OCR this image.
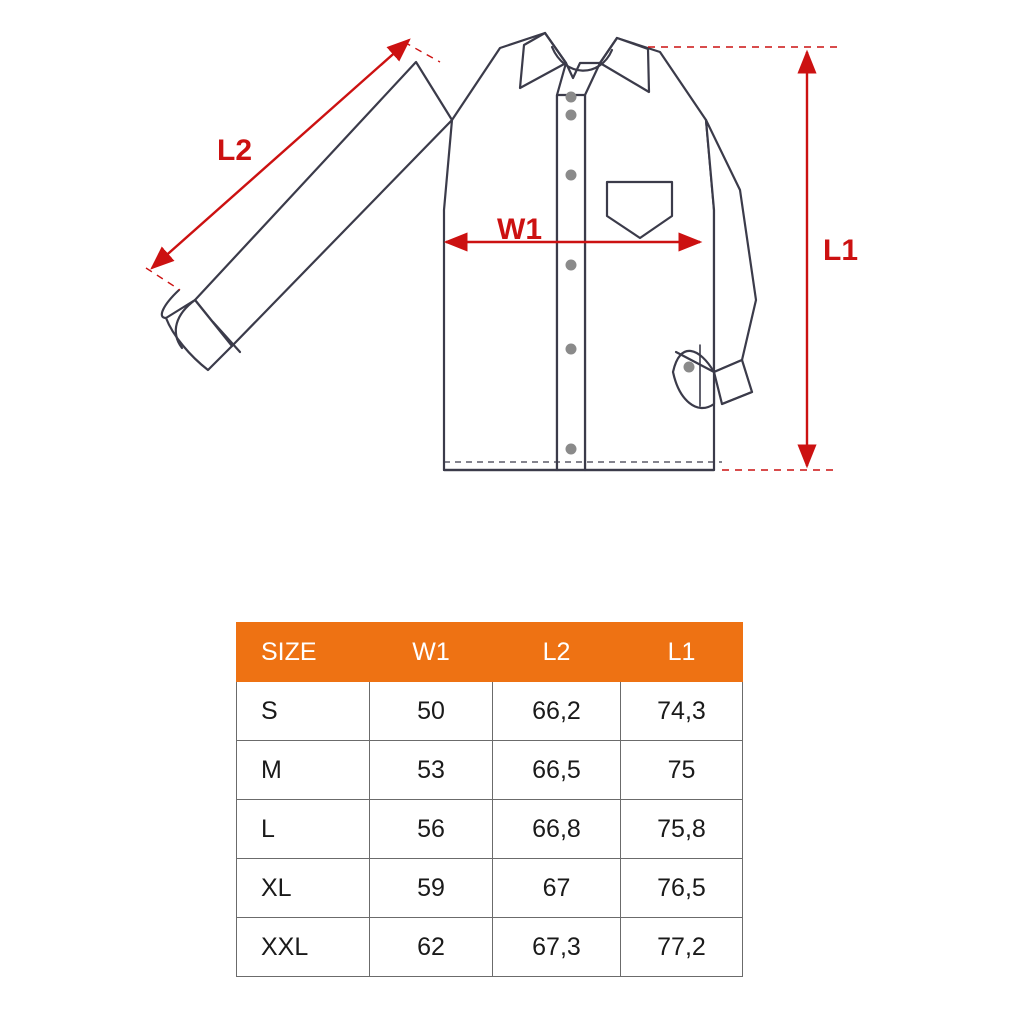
W1
L2
L1
SIZE	W1	L2	L1
S	50	66,2	74,3
M	53	66,5	75
L	56	66,8	75,8
XL	59	67	76,5
XXL	62	67,3	77,2
